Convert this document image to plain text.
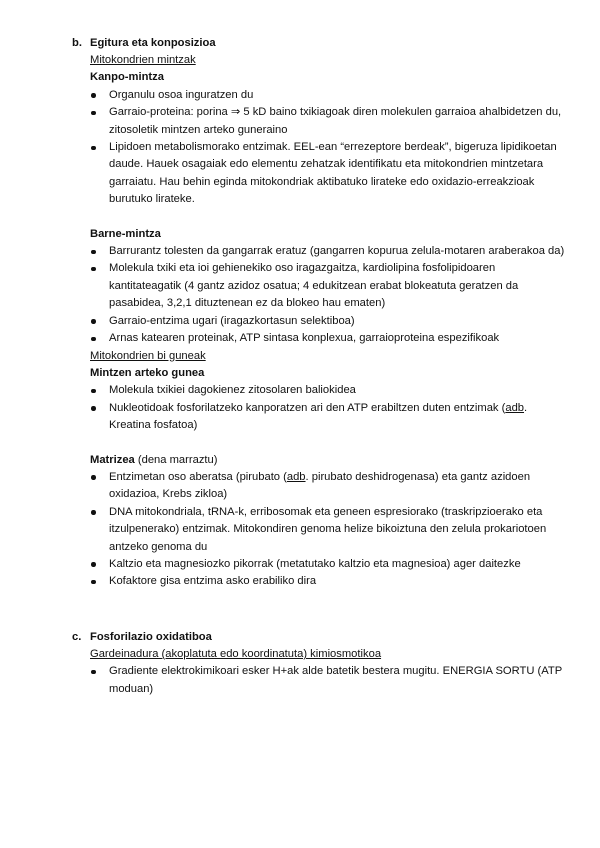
b. Egitura eta konposizioa
Mitokondrien mintzak
Kanpo-mintza
Organulu osoa inguratzen du
Garraio-proteina: porina ⇒ 5 kD baino txikiagoak diren molekulen garraioa ahalbidetzen du, zitosoletik mintzen arteko guneraino
Lipidoen metabolismorako entzimak. EEL-ean “errezeptore berdeak”, bigeruza lipidikoetan daude. Hauek osagaiak edo elementu zehatzak identifikatu eta mitokondrien mintzetara garraiatu. Hau behin eginda mitokondriak aktibatuko lirateke edo oxidazio-erreakzioak burutuko lirateke.
Barne-mintza
Barrurantz tolesten da gangarrak eratuz (gangarren kopurua zelula-motaren araberakoa da)
Molekula txiki eta ioi gehienekiko oso iragazgaitza, kardiolipina fosfolipidoaren kantitateagatik (4 gantz azidoz osatua; 4 edukitzean erabat blokeatuta geratzen da pasabidea, 3,2,1 dituztenean ez da blokeo hau ematen)
Garraio-entzima ugari (iragazkortasun selektiboa)
Arnas katearen proteinak, ATP sintasa konplexua, garraioproteina espezifikoak
Mitokondrien bi guneak
Mintzen arteko gunea
Molekula txikiei dagokienez zitosolaren baliokidea
Nukleotidoak fosforilatzeko kanporatzen ari den ATP erabiltzen duten entzimak (adb. Kreatina fosfatoa)
Matrizea (dena marraztu)
Entzimetan oso aberatsa (pirubato (adb. pirubato deshidrogenasa) eta gantz azidoen oxidazioa, Krebs zikloa)
DNA mitokondriala, tRNA-k, erribosomak eta geneen espresiorako (traskripzioerako eta itzulpenerako) entzimak. Mitokondiren genoma helize bikoiztuna den zelula prokariotoen antzeko genoma du
Kaltzio eta magnesiozko pikorrak (metatutako kaltzio eta magnesioa) ager daitezke
Kofaktore gisa entzima asko erabiliko dira
c. Fosforilazio oxidatiboa
Gardeinadura (akoplatuta edo koordinatuta) kimiosmotikoa
Gradiente elektrokimikoari esker H+ak alde batetik bestera mugitu. ENERGIA SORTU (ATP moduan)
